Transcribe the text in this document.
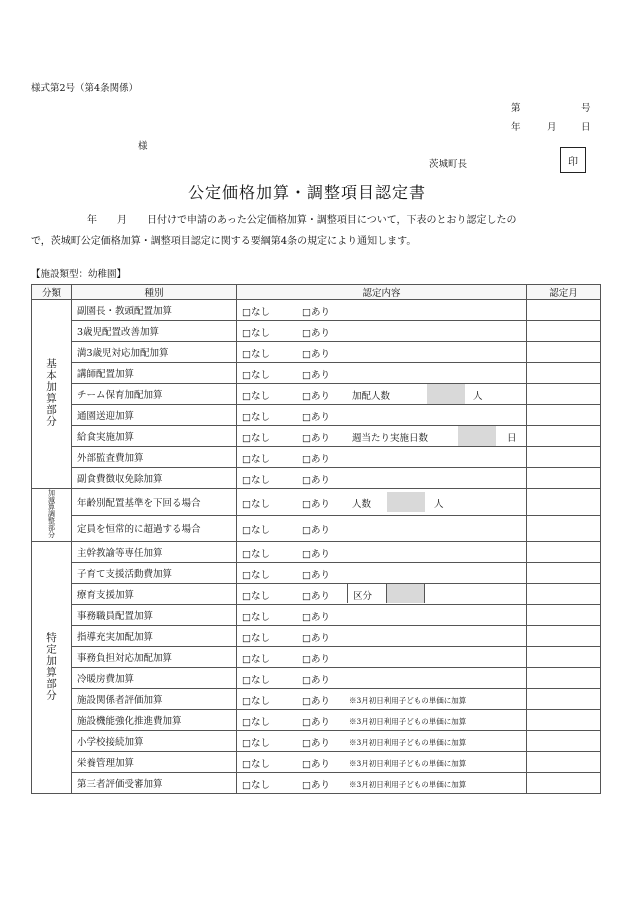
様式第2号（第4条関係）
第	号
年	月	日
様
茨城町長	印
公定価格加算・調整項目認定書
年　　月　　日付けで申請のあった公定価格加算・調整項目について，下表のとおり認定したの
で，茨城町公定価格加算・調整項目認定に関する要綱第4条の規定により通知します。
【施設類型：幼稚園】
分類	種別	認定内容	認定月
基本加算部分	副園長・教頭配置加算	□なし □あり	

	3歳児配置改善加算	□なし □あり	

	満3歳児対応加配加算	□なし □あり	

	講師配置加算	□なし □あり	

	チーム保育加配加算	□なし □あり 加配人数 人	

	通園送迎加算	□なし □あり	

	給食実施加算	□なし □あり 週当たり実施日数 日	

	外部監査費加算	□なし □あり	

	副食費徴収免除加算	□なし □あり	

加減算調整部分	年齢別配置基準を下回る場合	□なし □あり 人数 人	

	定員を恒常的に超過する場合	□なし □あり	

特定加算部分	主幹教諭等専任加算	□なし □あり	

	子育て支援活動費加算	□なし □あり	

	療育支援加算	□なし □あり 区分	

	事務職員配置加算	□なし □あり	

	指導充実加配加算	□なし □あり	

	事務負担対応加配加算	□なし □あり	

	冷暖房費加算	□なし □あり	

	施設関係者評価加算	□なし □あり ※3月初日利用子どもの単価に加算	

	施設機能強化推進費加算	□なし □あり ※3月初日利用子どもの単価に加算	

	小学校接続加算	□なし □あり ※3月初日利用子どもの単価に加算	

	栄養管理加算	□なし □あり ※3月初日利用子どもの単価に加算	

	第三者評価受審加算	□なし □あり ※3月初日利用子どもの単価に加算	
